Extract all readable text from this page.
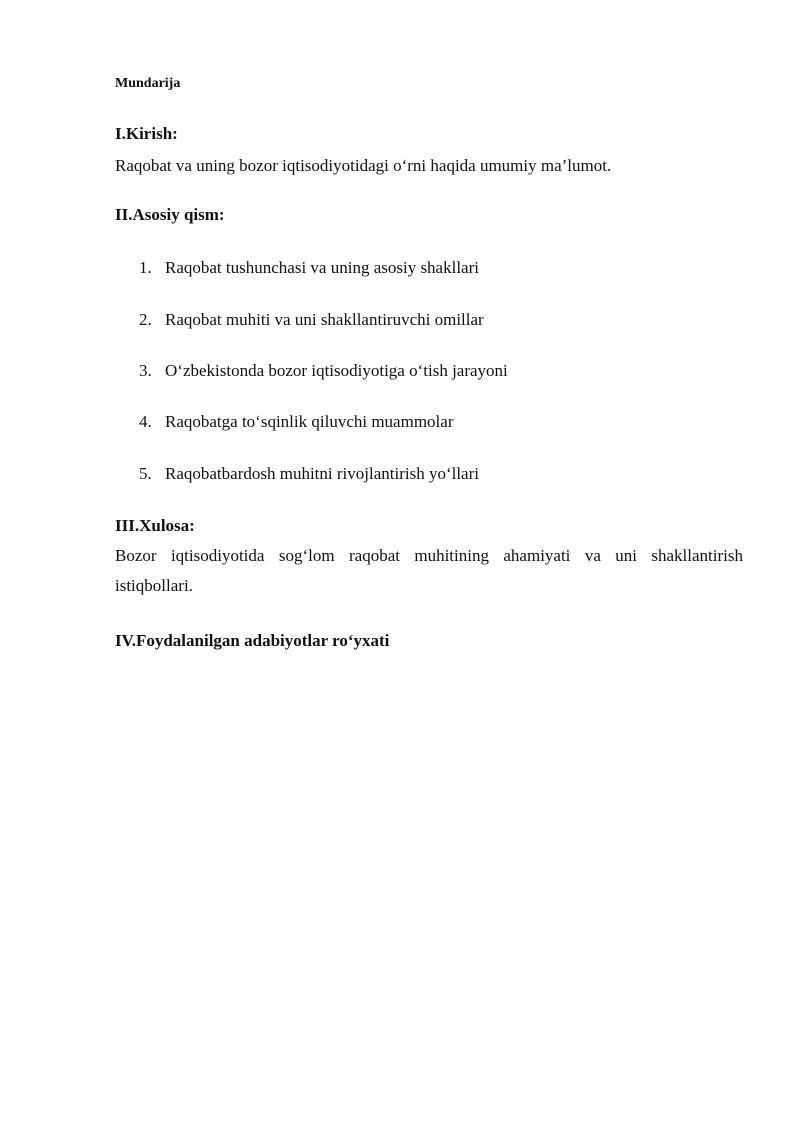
Mundarija

I.Kirish:

Raqobat va uning bozor iqtisodiyotidagi o‘rni haqida umumiy ma’lumot.

II.Asosiy qism:

1. Raqobat tushunchasi va uning asosiy shakllari
2. Raqobat muhiti va uni shakllantiruvchi omillar
3. O‘zbekistonda bozor iqtisodiyotiga o‘tish jarayoni
4. Raqobatga to‘sqinlik qiluvchi muammolar
5. Raqobatbardosh muhitni rivojlantirish yo‘llari

III.Xulosa:

Bozor iqtisodiyotida sog‘lom raqobat muhitining ahamiyati va uni shakllantirish istiqbollari.

IV.Foydalanilgan adabiyotlar ro‘yxati
